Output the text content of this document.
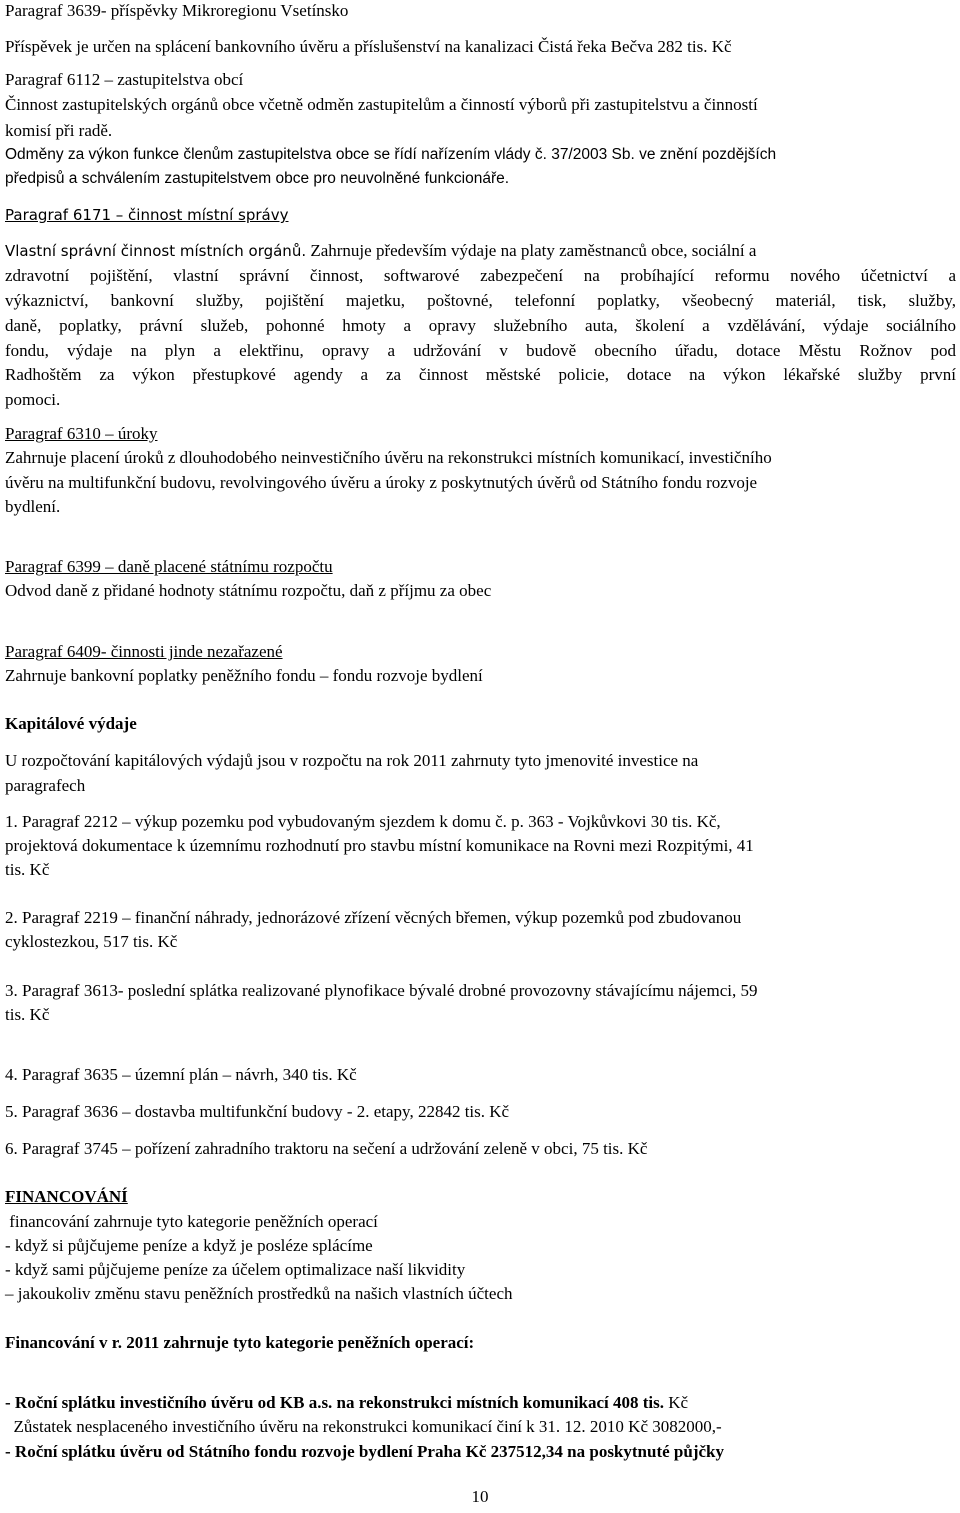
Paragraf 3639- příspěvky Mikroregionu Vsetínsko
Příspěvek je určen na splácení bankovního úvěru a příslušenství na kanalizaci Čistá řeka Bečva 282 tis. Kč
Paragraf 6112 – zastupitelstva obcí
Činnost zastupitelských orgánů obce včetně odměn zastupitelům a činností výborů při zastupitelstvu a činností
komisí při radě.
Odměny za výkon funkce členům zastupitelstva obce se řídí nařízením vlády č. 37/2003 Sb. ve znění pozdějších
předpisů a schválením zastupitelstvem obce pro neuvolněné funkcionáře.
Paragraf 6171 – činnost místní správy
Vlastní správní činnost místních orgánů. Zahrnuje především výdaje na platy zaměstnanců obce, sociální a
zdravotní pojištění, vlastní správní činnost, softwarové zabezpečení na probíhající reformu nového účetnictví a
výkaznictví, bankovní služby, pojištění majetku, poštovné, telefonní poplatky, všeobecný materiál, tisk, služby,
daně, poplatky, právní služeb, pohonné hmoty a opravy služebního auta, školení a vzdělávání, výdaje sociálního
fondu, výdaje na plyn a elektřinu, opravy a udržování v budově obecního úřadu, dotace Městu Rožnov pod
Radhoštěm za výkon přestupkové agendy a za činnost městské policie, dotace na výkon lékařské služby první
pomoci.
Paragraf 6310 – úroky
Zahrnuje placení úroků z dlouhodobého neinvestičního úvěru na rekonstrukci místních komunikací, investičního
úvěru na multifunkční budovu, revolvingového úvěru a úroky z poskytnutých úvěrů od Státního fondu rozvoje
bydlení.
Paragraf 6399 – daně placené státnímu rozpočtu
Odvod daně z přidané hodnoty státnímu rozpočtu, daň z příjmu za obec
Paragraf 6409- činnosti jinde nezařazené
Zahrnuje bankovní poplatky peněžního fondu – fondu rozvoje bydlení
Kapitálové výdaje
U rozpočtování kapitálových výdajů jsou v rozpočtu na rok 2011 zahrnuty tyto jmenovité investice na
paragrafech
1. Paragraf 2212 – výkup pozemku pod vybudovaným sjezdem k domu č. p. 363 - Vojkůvkovi 30 tis. Kč,
projektová dokumentace k územnímu rozhodnutí pro stavbu místní komunikace na Rovni mezi Rozpitými, 41
tis. Kč
2. Paragraf 2219 – finanční náhrady, jednorázové zřízení věcných břemen, výkup pozemků pod zbudovanou
cyklostezkou, 517 tis. Kč
3. Paragraf 3613- poslední splátka realizované plynofikace bývalé drobné provozovny stávajícímu nájemci, 59
tis. Kč
4. Paragraf 3635 – územní plán – návrh, 340 tis. Kč
5. Paragraf 3636 – dostavba multifunkční budovy - 2. etapy, 22842 tis. Kč
6. Paragraf 3745 – pořízení zahradního traktoru na sečení a udržování zeleně v obci, 75 tis. Kč
FINANCOVÁNÍ
financování zahrnuje tyto kategorie peněžních operací
- když si půjčujeme peníze a když je posléze splácíme
- když sami půjčujeme peníze za účelem optimalizace naší likvidity
– jakoukoliv změnu stavu peněžních prostředků na našich vlastních účtech
Financování v r. 2011 zahrnuje tyto kategorie peněžních operací:
- Roční splátku investičního úvěru od KB a.s. na rekonstrukci místních komunikací 408 tis. Kč
Zůstatek nesplaceného investičního úvěru na rekonstrukci komunikací činí k 31. 12. 2010 Kč 3082000,-
- Roční splátku úvěru od Státního fondu rozvoje bydlení Praha Kč 237512,34 na poskytnuté půjčky
10
